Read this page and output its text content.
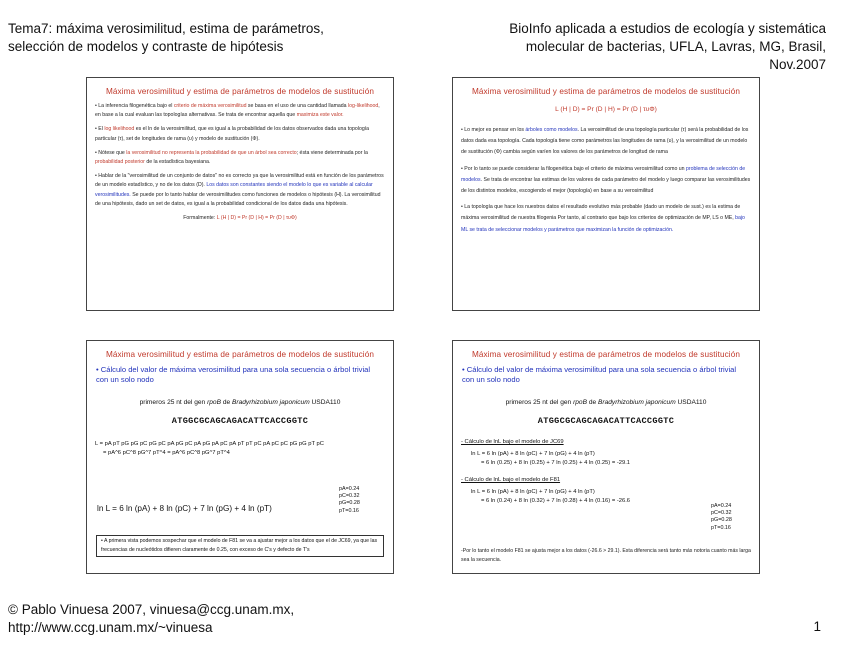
Tema7: máxima verosimilitud, estima de parámetros,
selección de modelos y contraste de hipótesis
BioInfo aplicada a estudios de ecología y sistemática
molecular de bacterias, UFLA, Lavras, MG, Brasil,
Nov.2007
Máxima verosimilitud y estima de parámetros de modelos de sustitución

• La inferencia filogenética bajo el criterio de máxima verosimilitud se basa en el uso de una cantidad llamada log-likelihood, en base a la cual evaluan las topologías alternativas. Se trata de encontrar aquella que maximiza este valor.

• El log likelihood es el ln de la verosimilitud, que es igual a la probabilidad de los datos observados dada una topología particular (τ), set de longitudes de rama (υ) y modelo de sustitución (Φ).

• Nótese que la verosimilitud no representa la probabilidad de que un árbol sea correcto; ésta viene determinada por la probabilidad posterior de la estadística bayesiana.

• Hablar de la "verosimilitud de un conjunto de datos" no es correcto ya que la verosimilitud está en función de los parámetros de un modelo estadístico, y no de los datos (D). Los datos son constantes siendo el modelo lo que es variable al calcular verosimilitudes. Se puede por lo tanto hablar de verosimilitudes como funciones de modelos o hipótesis (H). La verosimilitud de una hipótesis, dado un set de datos, es igual a la probabilidad condicional de los datos dada una hipótesis.

Formalmente: L (H | D) = Pr (D | H) = Pr (D | τυΦ)

Máxima verosimilitud y estima de parámetros de modelos de sustitución
L (H | D) = Pr (D | H) = Pr (D | τυΦ)

• Lo mejor es pensar en los árboles como modelos. La verosimilitud de una topología particular (τ) será la probabilidad de los datos dada esa topología. Cada topología tiene como parámetros las longitudes de rama (υ), y la verosimilitud de un modelo de sustitución (Φ) cambia según varíen los valores de los parámetros de longitud de rama

• Por lo tanto se puede considerar la filogenética bajo el criterio de máxima verosimilitud como un problema de selección de modelos. Se trata de encontrar las estimas de los valores de cada parámetro del modelo y luego comparar las verosimilitudes de los distintos modelos, escogiendo el mejor (topología) en base a su verosimilitud

• La topología que hace los nuestros datos el resultado evolutivo más probable (dado un modelo de sust.) es la estima de máxima verosimilitud de nuestra filogenia Por tanto, al contrario que bajo los criterios de optimización de MP, LS o ME, bajo ML se trata de seleccionar modelos y parámetros que maximizan la función de optimización.

Máxima verosimilitud y estima de parámetros de modelos de sustitución
• Cálculo del valor de máxima verosimilitud para una sola secuencia o árbol trivial con un solo nodo
primeros 25 nt del gen rpoB de Bradyrhizobium japonicum USDA110
ATGGCGCAGCAGACATTCACCGGTC
L = pA pT pG pG pC pG pC pA pG pC pA pG pA pC pA pT pT pC pA pC pC pG pG pT pC
= pA^6 pC^8 pG^7 pT^4 = pA^6 pC^8 pG^7 pT^4
pA=0.24
pC=0.32
pG=0.28
pT=0.16
ln L = 6 ln (pA) + 8 ln (pC) + 7 ln (pG) + 4 ln (pT)
• A primera vista podemos sospechar que el modelo de F81 se va a ajustar mejor a los datos que el de JC69, ya que las frecuencias de nucleótidos difieren claramente de 0.25, con exceso de C's y defecto de T's
Máxima verosimilitud y estima de parámetros de modelos de sustitución
• Cálculo del valor de máxima verosimilitud para una sola secuencia o árbol trivial con un solo nodo
primeros 25 nt del gen rpoB de Bradyrhizobium japonicum USDA110
ATGGCGCAGCAGACATTCACCGGTC
- Cálculo de lnL bajo el modelo de JC69
ln L = 6 ln (pA) + 8 ln (pC) + 7 ln (pG) + 4 ln (pT)
= 6 ln (0.25) + 8 ln (0.25) + 7 ln (0.25) + 4 ln (0.25) = -29.1
- Cálculo de lnL bajo el modelo de F81
ln L = 6 ln (pA) + 8 ln (pC) + 7 ln (pG) + 4 ln (pT)
= 6 ln (0.24) + 8 ln (0.32) + 7 ln (0.28) + 4 ln (0.16) = -26.6
pA=0.24
pC=0.32
pG=0.28
pT=0.16
-Por lo tanto el modelo F81 se ajusta mejor a los datos (-26.6 > 29.1). Esta diferencia será tanto más notoria cuanto más larga sea la secuencia.
© Pablo Vinuesa 2007, vinuesa@ccg.unam.mx,
http://www.ccg.unam.mx/~vinuesa	1
